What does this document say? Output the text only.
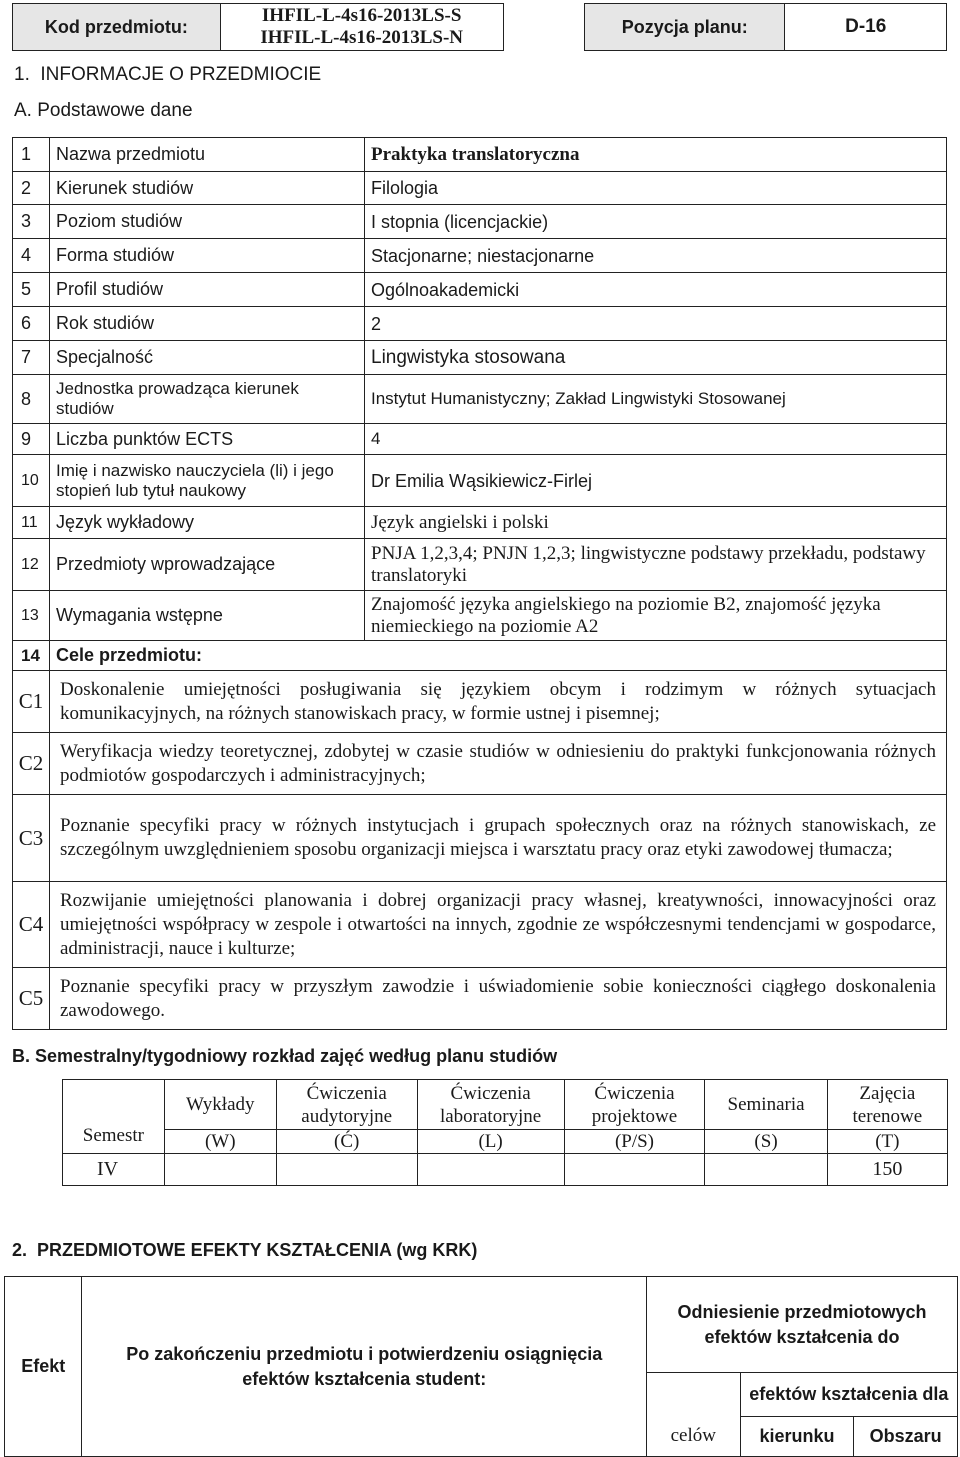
Kod przedmiotu:	
IHFIL-L-4s16-2013LS-S
IHFIL-L-4s16-2013LS-N
		Pozycja planu:	D-16
1.  INFORMACJE O PRZEDMIOCIE
A. Podstawowe dane
1	Nazwa przedmiotu	Praktyka translatoryczna
2	Kierunek studiów	Filologia
3	Poziom studiów	I stopnia (licencjackie)
4	Forma studiów	Stacjonarne; niestacjonarne
5	Profil studiów	Ogólnoakademicki
6	Rok studiów	2
7	Specjalność	Lingwistyka stosowana
8	Jednostka prowadząca kierunek studiów	Instytut Humanistyczny; Zakład Lingwistyki Stosowanej
9	Liczba punktów ECTS	4
10	Imię i nazwisko nauczyciela (li) i jego stopień lub tytuł naukowy	Dr Emilia Wąsikiewicz-Firlej
11	Język wykładowy	Język angielski i polski
12	Przedmioty wprowadzające	PNJA 1,2,3,4; PNJN 1,2,3; lingwistyczne podstawy przekładu, podstawy translatoryki
13	Wymagania wstępne	Znajomość języka angielskiego na poziomie B2, znajomość języka niemieckiego na poziomie A2
14	Cele przedmiotu:	
C1	Doskonalenie umiejętności posługiwania się językiem obcym i rodzimym w różnych sytuacjach komunikacyjnych, na różnych stanowiskach pracy, w formie ustnej i pisemnej;	
C2	Weryfikacja wiedzy teoretycznej, zdobytej w czasie studiów w odniesieniu do praktyki funkcjonowania różnych podmiotów gospodarczych i administracyjnych;	
C3	Poznanie specyfiki pracy w różnych instytucjach i grupach społecznych oraz na różnych stanowiskach, ze szczególnym uwzględnieniem sposobu organizacji miejsca i warsztatu pracy oraz etyki zawodowej tłumacza;	
C4	Rozwijanie umiejętności planowania i dobrej organizacji pracy własnej, kreatywności, innowacyjności oraz umiejętności współpracy w zespole i otwartości na innych, zgodnie ze współczesnymi tendencjami w gospodarce, administracji, nauce i kulturze;	
C5	Poznanie specyfiki pracy w przyszłym zawodzie i uświadomienie sobie konieczności ciągłego doskonalenia zawodowego.	
B. Semestralny/tygodniowy rozkład zajęć według planu studiów
Semestr	Wykłady	Ćwiczenia audytoryjne	Ćwiczenia laboratoryjne	Ćwiczenia projektowe	Seminaria	Zajęcia terenowe
	(W)	(Ć)	(L)	(P/S)	(S)	(T)
IV						150
2.  PRZEDMIOTOWE EFEKTY KSZTAŁCENIA (wg KRK)
Efekt	Po zakończeniu przedmiotu i potwierdzeniu osiągnięcia efektów kształcenia student:	Odniesienie przedmiotowych efektów kształcenia do		
		celów	efektów kształcenia dla	
			kierunku	Obszaru
